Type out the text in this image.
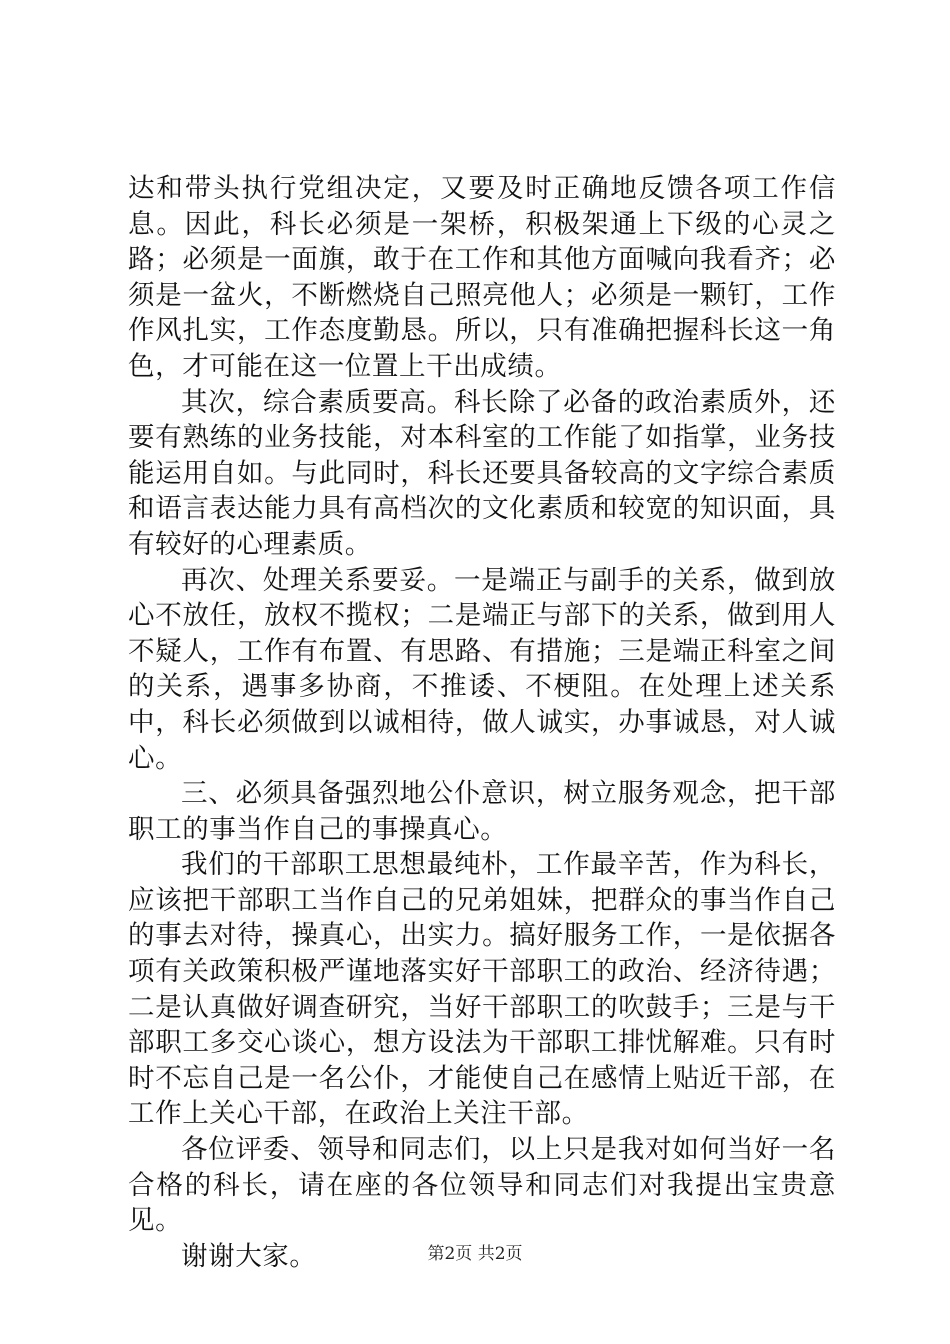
达和带头执行党组决定，又要及时正确地反馈各项工作信息。因此，科长必须是一架桥，积极架通上下级的心灵之路；必须是一面旗，敢于在工作和其他方面喊向我看齐；必须是一盆火，不断燃烧自己照亮他人；必须是一颗钉，工作作风扎实，工作态度勤恳。所以，只有准确把握科长这一角色，才可能在这一位置上干出成绩。

其次，综合素质要高。科长除了必备的政治素质外，还要有熟练的业务技能，对本科室的工作能了如指掌，业务技能运用自如。与此同时，科长还要具备较高的文字综合素质和语言表达能力具有高档次的文化素质和较宽的知识面，具有较好的心理素质。

再次、处理关系要妥。一是端正与副手的关系，做到放心不放任，放权不揽权；二是端正与部下的关系，做到用人不疑人，工作有布置、有思路、有措施；三是端正科室之间的关系，遇事多协商，不推诿、不梗阻。在处理上述关系中，科长必须做到以诚相待，做人诚实，办事诚恳，对人诚心。

三、必须具备强烈地公仆意识，树立服务观念，把干部职工的事当作自己的事操真心。

我们的干部职工思想最纯朴，工作最辛苦，作为科长，应该把干部职工当作自己的兄弟姐妹，把群众的事当作自己的事去对待，操真心，出实力。搞好服务工作，一是依据各项有关政策积极严谨地落实好干部职工的政治、经济待遇；二是认真做好调查研究，当好干部职工的吹鼓手；三是与干部职工多交心谈心，想方设法为干部职工排忧解难。只有时时不忘自己是一名公仆，才能使自己在感情上贴近干部，在工作上关心干部，在政治上关注干部。

各位评委、领导和同志们，以上只是我对如何当好一名合格的科长，请在座的各位领导和同志们对我提出宝贵意见。

谢谢大家。	第2页 共2页
